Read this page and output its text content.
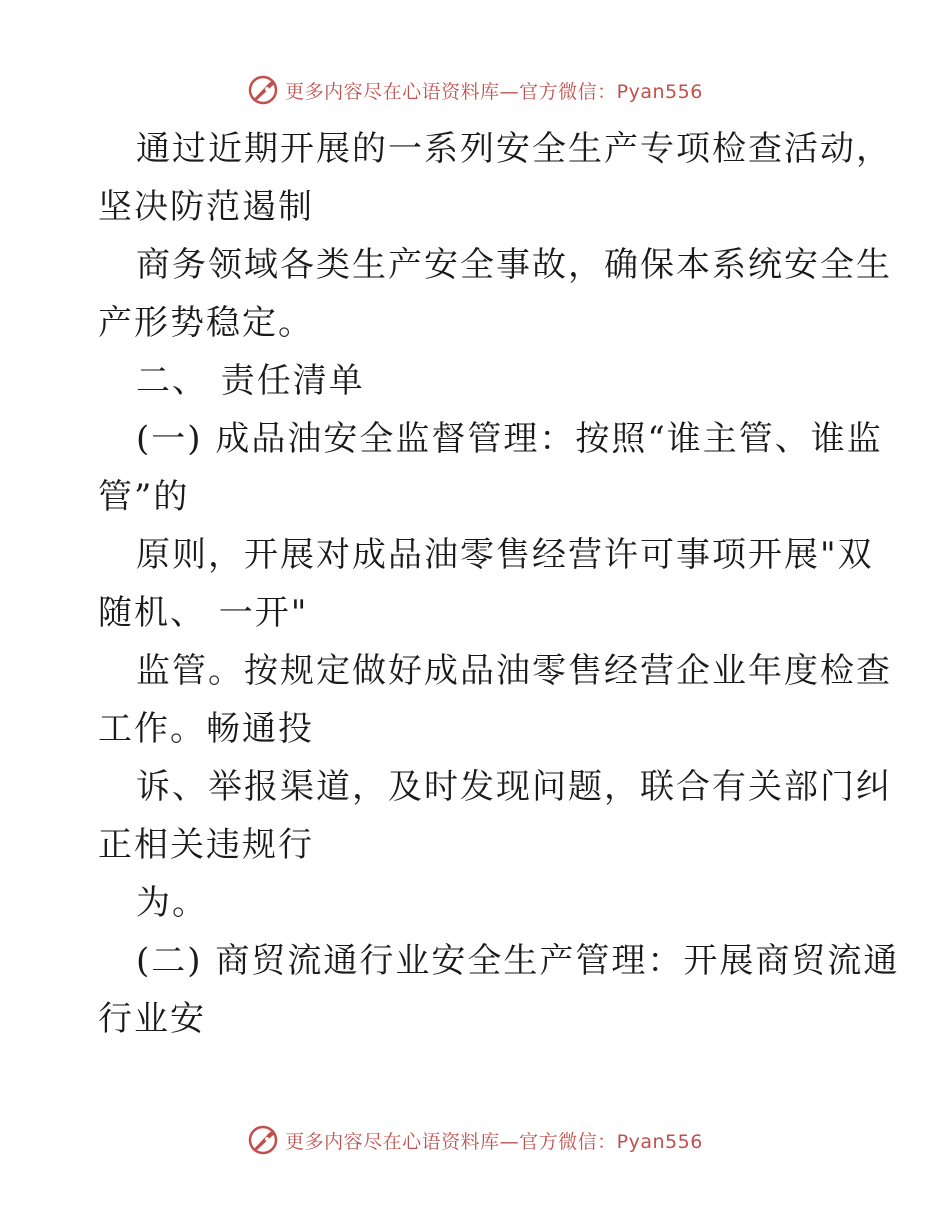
更多内容尽在心语资料库—官方微信：Pyan556
通过近期开展的一系列安全生产专项检查活动，
坚决防范遏制
商务领域各类生产安全事故，确保本系统安全生
产形势稳定。
二、 责任清单
(一) 成品油安全监督管理：按照“谁主管、谁监
管”的
原则，开展对成品油零售经营许可事项开展"双
随机、 一开"
监管。按规定做好成品油零售经营企业年度检查
工作。畅通投
诉、举报渠道，及时发现问题，联合有关部门纠
正相关违规行
为。
(二) 商贸流通行业安全生产管理：开展商贸流通
行业安
更多内容尽在心语资料库—官方微信：Pyan556
